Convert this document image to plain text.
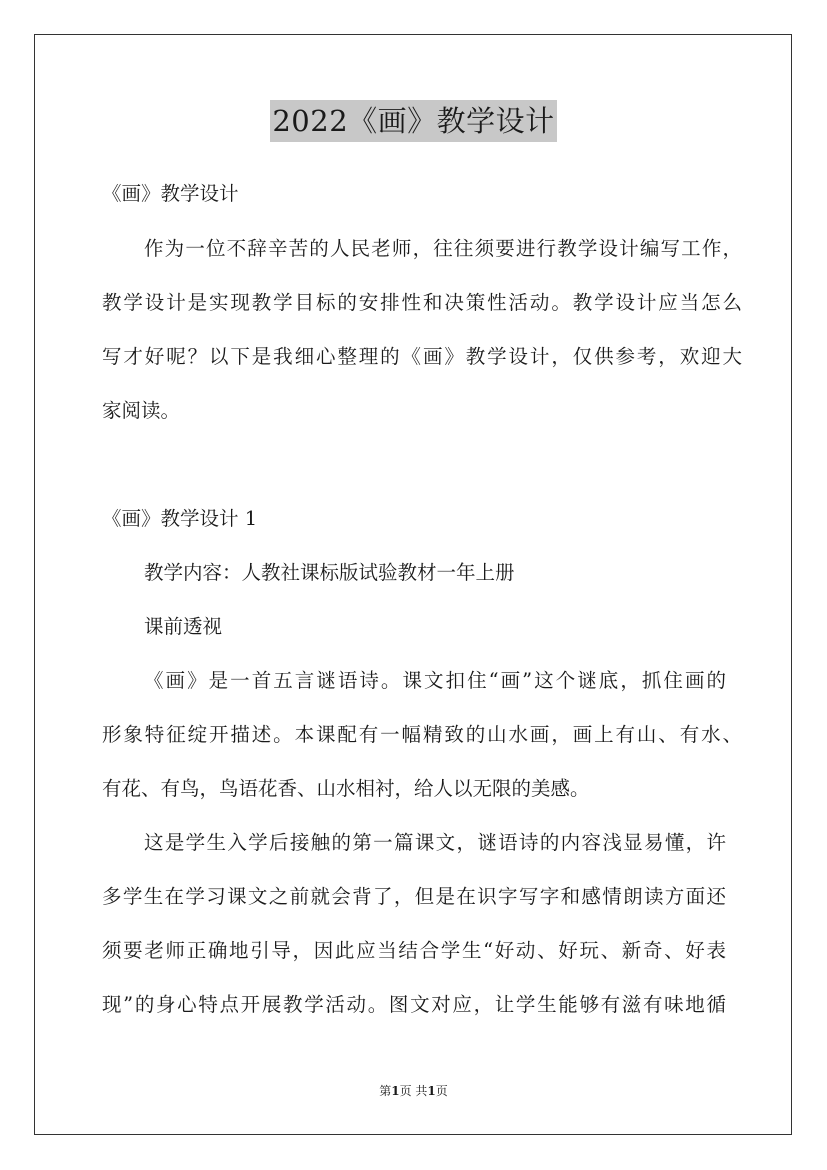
2022《画》教学设计
《画》教学设计
作为一位不辞辛苦的人民老师，往往须要进行教学设计编写工作，
教学设计是实现教学目标的安排性和决策性活动。教学设计应当怎么
写才好呢？以下是我细心整理的《画》教学设计，仅供参考，欢迎大
家阅读。
《画》教学设计 1
教学内容：人教社课标版试验教材一年上册
课前透视
《画》是一首五言谜语诗。课文扣住“画”这个谜底，抓住画的
形象特征绽开描述。本课配有一幅精致的山水画，画上有山、有水、
有花、有鸟，鸟语花香、山水相衬，给人以无限的美感。
这是学生入学后接触的第一篇课文，谜语诗的内容浅显易懂，许
多学生在学习课文之前就会背了，但是在识字写字和感情朗读方面还
须要老师正确地引导，因此应当结合学生“好动、好玩、新奇、好表
现”的身心特点开展教学活动。图文对应，让学生能够有滋有味地循
第1页 共1页
